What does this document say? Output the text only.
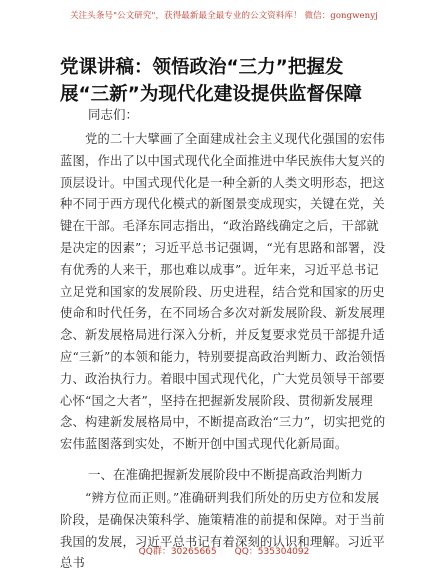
关注头条号"公文研究"，获得最新最全最专业的公文资料库！ 微信：gongwenyj
党课讲稿：领悟政治“三力”把握发展“三新”为现代化建设提供监督保障
同志们：
党的二十大擘画了全面建成社会主义现代化强国的宏伟蓝图，作出了以中国式现代化全面推进中华民族伟大复兴的顶层设计。中国式现代化是一种全新的人类文明形态，把这种不同于西方现代化模式的新图景变成现实，关键在党，关键在干部。毛泽东同志指出，“政治路线确定之后，干部就是决定的因素”；习近平总书记强调，“光有思路和部署，没有优秀的人来干，那也难以成事”。近年来，习近平总书记立足党和国家的发展阶段、历史进程，结合党和国家的历史使命和时代任务，在不同场合多次对新发展阶段、新发展理念、新发展格局进行深入分析，并反复要求党员干部提升适应“三新”的本领和能力，特别要提高政治判断力、政治领悟力、政治执行力。着眼中国式现代化，广大党员领导干部要心怀“国之大者”，坚持在把握新发展阶段、贯彻新发展理念、构建新发展格局中，不断提高政治“三力”，切实把党的宏伟蓝图落到实处，不断开创中国式现代化新局面。
一、在准确把握新发展阶段中不断提高政治判断力
“辨方位而正则。”准确研判我们所处的历史方位和发展阶段，是确保决策科学、施策精准的前提和保障。对于当前我国的发展，习近平总书记有着深刻的认识和理解。习近平总书
QQ群：30265665 QQ：535304092
